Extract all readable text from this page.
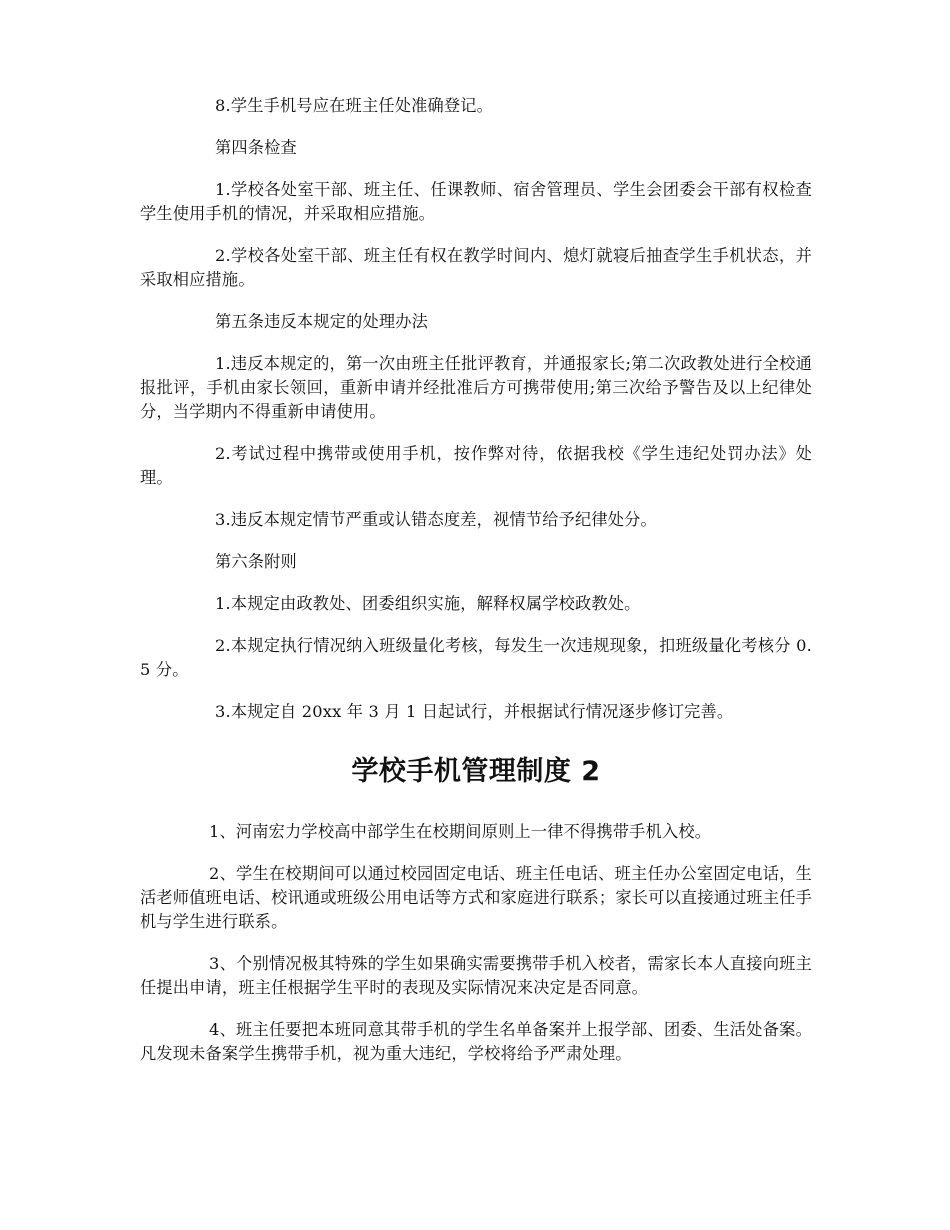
8.学生手机号应在班主任处准确登记。

第四条检查

1.学校各处室干部、班主任、任课教师、宿舍管理员、学生会团委会干部有权检查学生使用手机的情况，并采取相应措施。

2.学校各处室干部、班主任有权在教学时间内、熄灯就寝后抽查学生手机状态，并采取相应措施。

第五条违反本规定的处理办法

1.违反本规定的，第一次由班主任批评教育，并通报家长;第二次政教处进行全校通报批评，手机由家长领回，重新申请并经批准后方可携带使用;第三次给予警告及以上纪律处分，当学期内不得重新申请使用。

2.考试过程中携带或使用手机，按作弊对待，依据我校《学生违纪处罚办法》处理。

3.违反本规定情节严重或认错态度差，视情节给予纪律处分。

第六条附则

1.本规定由政教处、团委组织实施，解释权属学校政教处。

2.本规定执行情况纳入班级量化考核，每发生一次违规现象，扣班级量化考核分 0.5 分。

3.本规定自 20xx 年 3 月 1 日起试行，并根据试行情况逐步修订完善。

学校手机管理制度 2

1、河南宏力学校高中部学生在校期间原则上一律不得携带手机入校。

2、学生在校期间可以通过校园固定电话、班主任电话、班主任办公室固定电话，生活老师值班电话、校讯通或班级公用电话等方式和家庭进行联系；家长可以直接通过班主任手机与学生进行联系。

3、个别情况极其特殊的学生如果确实需要携带手机入校者，需家长本人直接向班主任提出申请，班主任根据学生平时的表现及实际情况来决定是否同意。

4、班主任要把本班同意其带手机的学生名单备案并上报学部、团委、生活处备案。凡发现未备案学生携带手机，视为重大违纪，学校将给予严肃处理。
